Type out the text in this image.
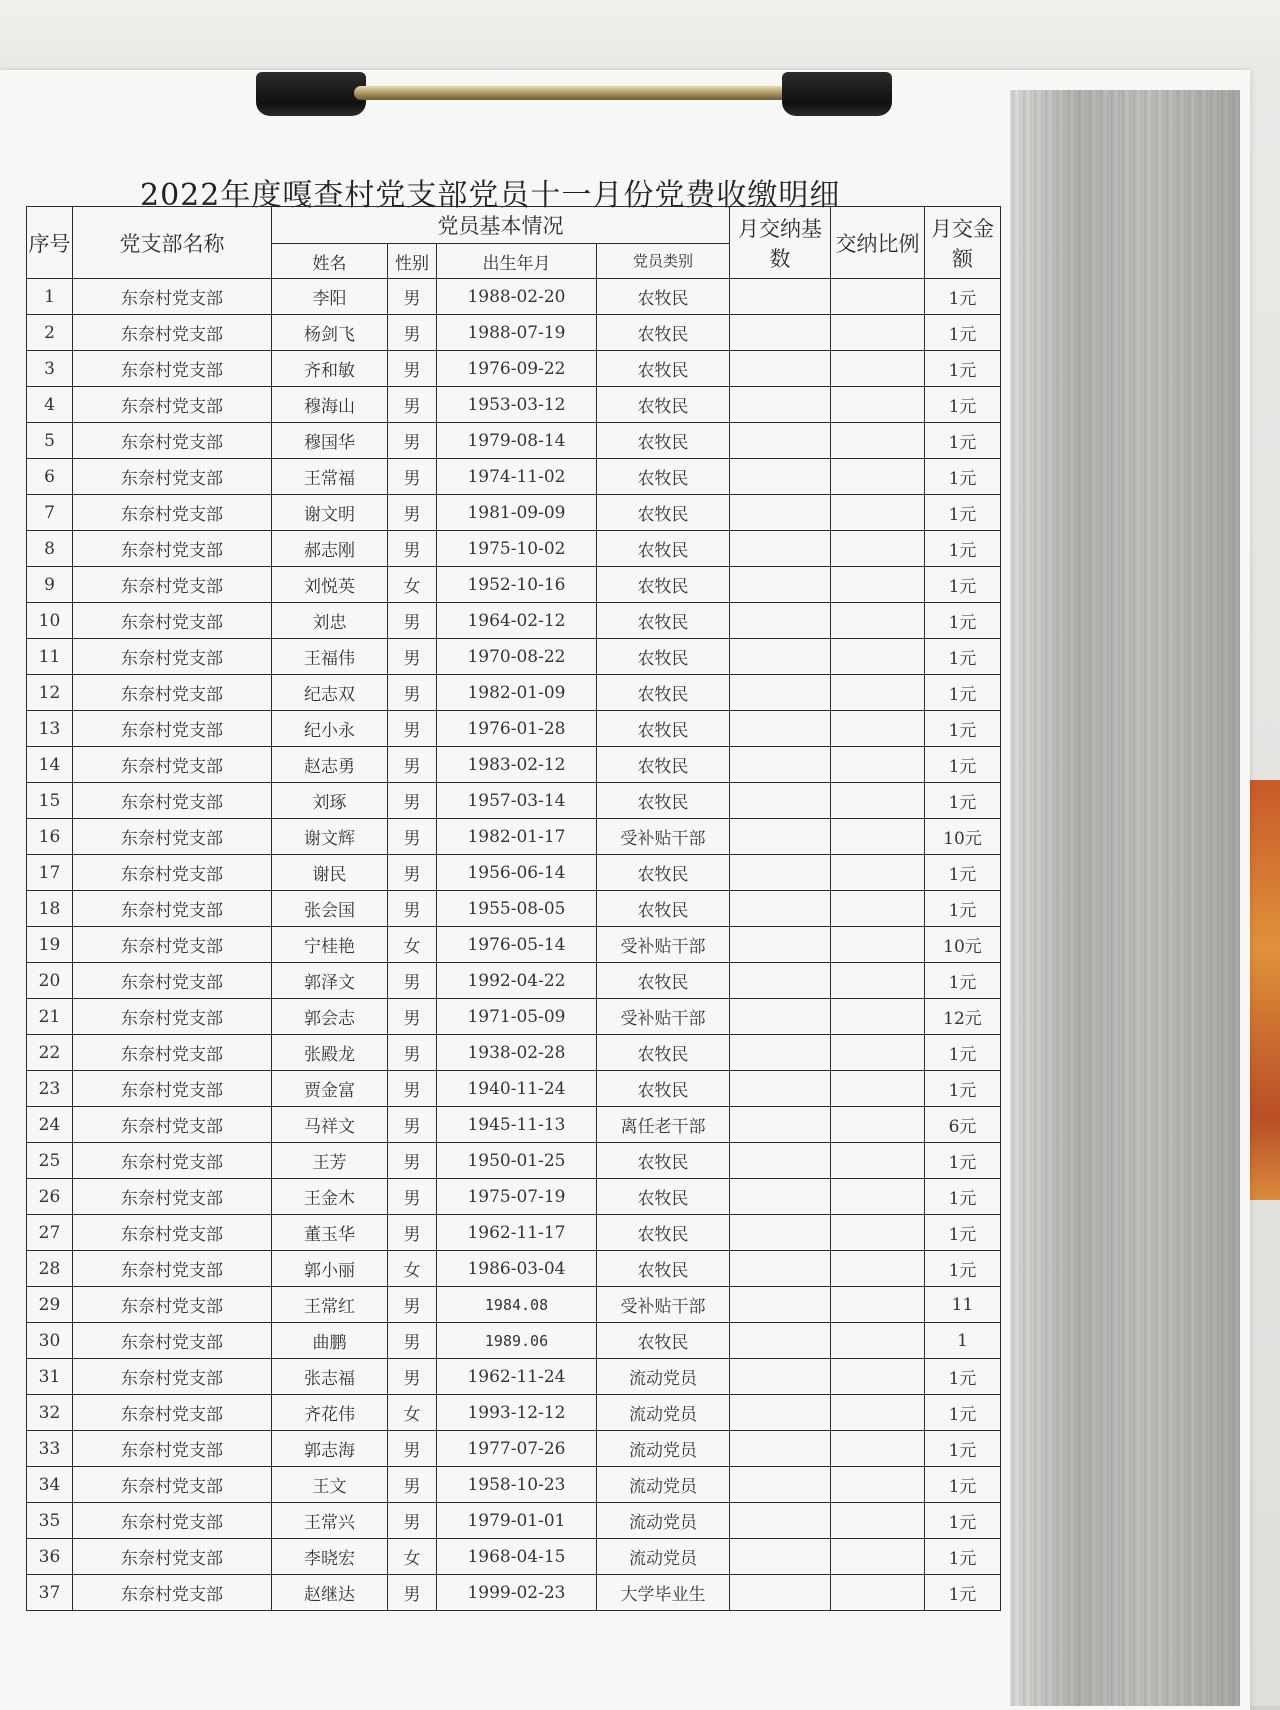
2022年度嘎查村党支部党员十一月份党费收缴明细
序号	党支部名称	党员基本情况				月交纳基数	交纳比例	月交金额
		姓名	性别	出生年月	党员类别			
1	东奈村党支部	李阳	男	1988-02-20	农牧民			1元
2	东奈村党支部	杨剑飞	男	1988-07-19	农牧民			1元
3	东奈村党支部	齐和敏	男	1976-09-22	农牧民			1元
4	东奈村党支部	穆海山	男	1953-03-12	农牧民			1元
5	东奈村党支部	穆国华	男	1979-08-14	农牧民			1元
6	东奈村党支部	王常福	男	1974-11-02	农牧民			1元
7	东奈村党支部	谢文明	男	1981-09-09	农牧民			1元
8	东奈村党支部	郝志刚	男	1975-10-02	农牧民			1元
9	东奈村党支部	刘悦英	女	1952-10-16	农牧民			1元
10	东奈村党支部	刘忠	男	1964-02-12	农牧民			1元
11	东奈村党支部	王福伟	男	1970-08-22	农牧民			1元
12	东奈村党支部	纪志双	男	1982-01-09	农牧民			1元
13	东奈村党支部	纪小永	男	1976-01-28	农牧民			1元
14	东奈村党支部	赵志勇	男	1983-02-12	农牧民			1元
15	东奈村党支部	刘琢	男	1957-03-14	农牧民			1元
16	东奈村党支部	谢文辉	男	1982-01-17	受补贴干部			10元
17	东奈村党支部	谢民	男	1956-06-14	农牧民			1元
18	东奈村党支部	张会国	男	1955-08-05	农牧民			1元
19	东奈村党支部	宁桂艳	女	1976-05-14	受补贴干部			10元
20	东奈村党支部	郭泽文	男	1992-04-22	农牧民			1元
21	东奈村党支部	郭会志	男	1971-05-09	受补贴干部			12元
22	东奈村党支部	张殿龙	男	1938-02-28	农牧民			1元
23	东奈村党支部	贾金富	男	1940-11-24	农牧民			1元
24	东奈村党支部	马祥文	男	1945-11-13	离任老干部			6元
25	东奈村党支部	王芳	男	1950-01-25	农牧民			1元
26	东奈村党支部	王金木	男	1975-07-19	农牧民			1元
27	东奈村党支部	董玉华	男	1962-11-17	农牧民			1元
28	东奈村党支部	郭小丽	女	1986-03-04	农牧民			1元
29	东奈村党支部	王常红	男	1984.08	受补贴干部			11
30	东奈村党支部	曲鹏	男	1989.06	农牧民			1
31	东奈村党支部	张志福	男	1962-11-24	流动党员			1元
32	东奈村党支部	齐花伟	女	1993-12-12	流动党员			1元
33	东奈村党支部	郭志海	男	1977-07-26	流动党员			1元
34	东奈村党支部	王文	男	1958-10-23	流动党员			1元
35	东奈村党支部	王常兴	男	1979-01-01	流动党员			1元
36	东奈村党支部	李晓宏	女	1968-04-15	流动党员			1元
37	东奈村党支部	赵继达	男	1999-02-23	大学毕业生			1元
